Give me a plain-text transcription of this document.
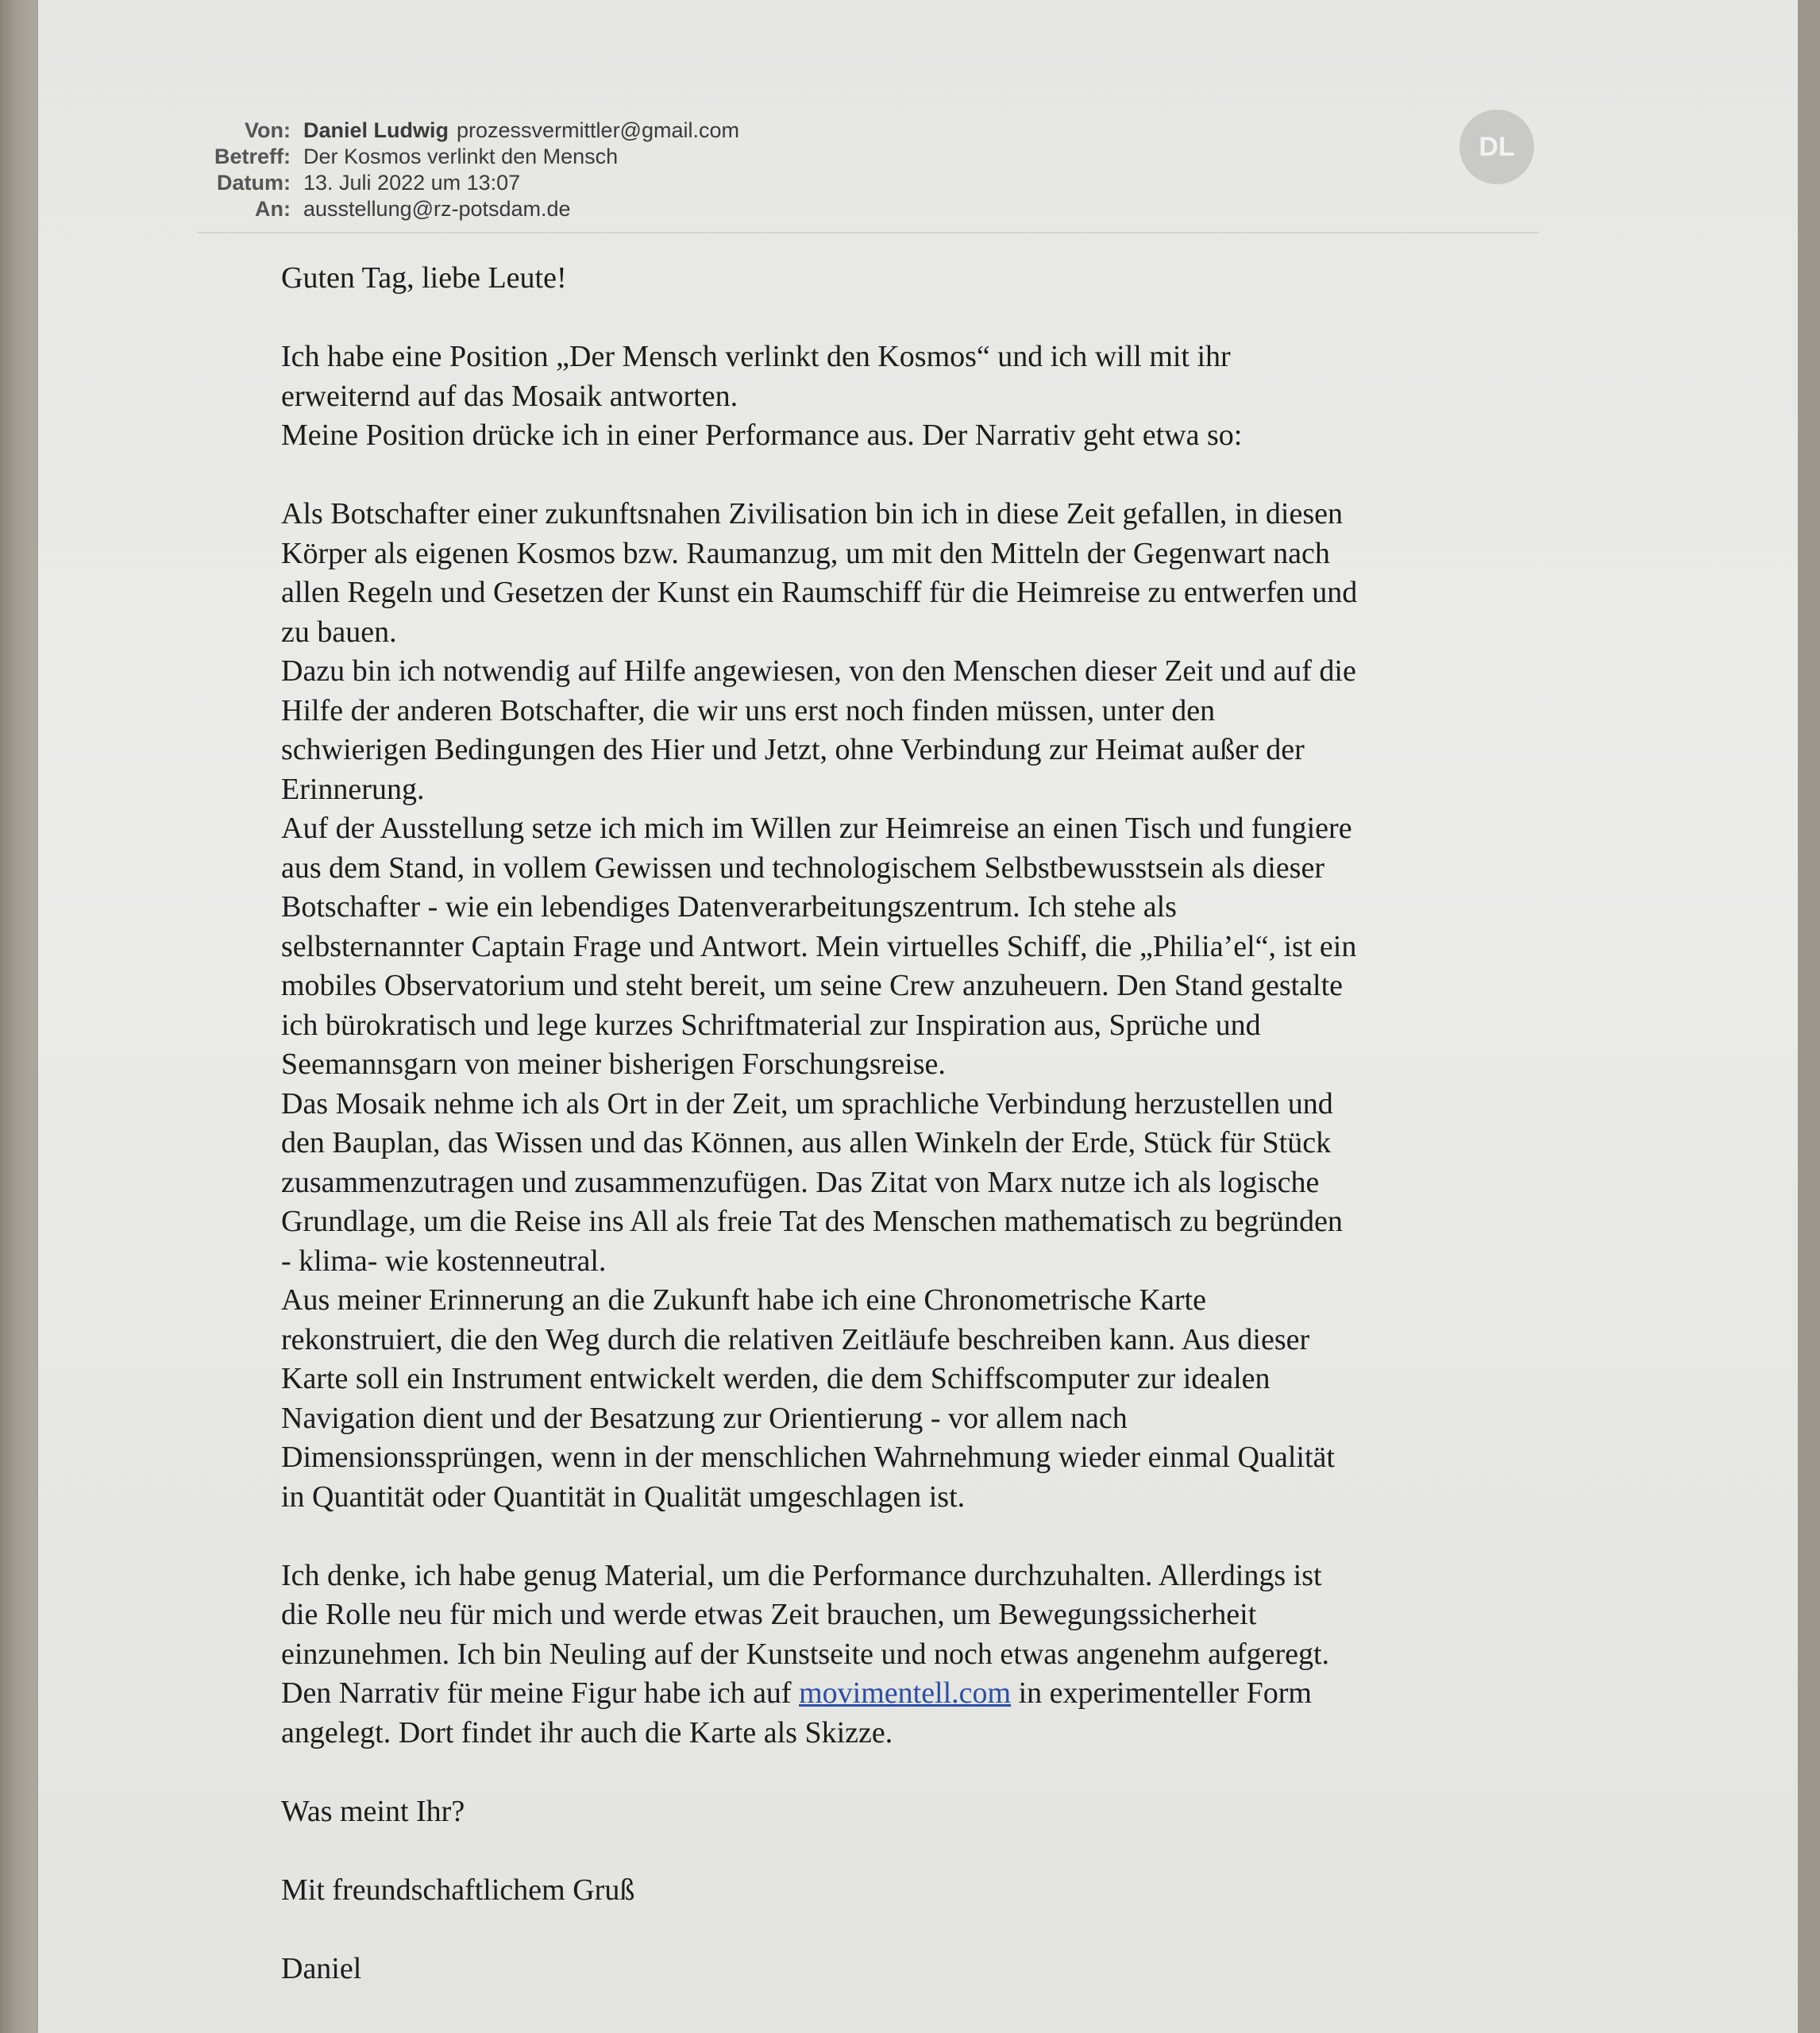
Von: Daniel Ludwig prozessvermittler@gmail.com
Betreff: Der Kosmos verlinkt den Mensch
Datum: 13. Juli 2022 um 13:07
An: ausstellung@rz-potsdam.de
DL
Guten Tag, liebe Leute!
Ich habe eine Position „Der Mensch verlinkt den Kosmos“ und ich will mit ihr
erweiternd auf das Mosaik antworten.
Meine Position drücke ich in einer Performance aus. Der Narrativ geht etwa so:
Als Botschafter einer zukunftsnahen Zivilisation bin ich in diese Zeit gefallen, in diesen
Körper als eigenen Kosmos bzw. Raumanzug, um mit den Mitteln der Gegenwart nach
allen Regeln und Gesetzen der Kunst ein Raumschiff für die Heimreise zu entwerfen und
zu bauen.
Dazu bin ich notwendig auf Hilfe angewiesen, von den Menschen dieser Zeit und auf die
Hilfe der anderen Botschafter, die wir uns erst noch finden müssen, unter den
schwierigen Bedingungen des Hier und Jetzt, ohne Verbindung zur Heimat außer der
Erinnerung.
Auf der Ausstellung setze ich mich im Willen zur Heimreise an einen Tisch und fungiere
aus dem Stand, in vollem Gewissen und technologischem Selbstbewusstsein als dieser
Botschafter - wie ein lebendiges Datenverarbeitungszentrum. Ich stehe als
selbsternannter Captain Frage und Antwort. Mein virtuelles Schiff, die „Philia’el“, ist ein
mobiles Observatorium und steht bereit, um seine Crew anzuheuern. Den Stand gestalte
ich bürokratisch und lege kurzes Schriftmaterial zur Inspiration aus, Sprüche und
Seemannsgarn von meiner bisherigen Forschungsreise.
Das Mosaik nehme ich als Ort in der Zeit, um sprachliche Verbindung herzustellen und
den Bauplan, das Wissen und das Können, aus allen Winkeln der Erde, Stück für Stück
zusammenzutragen und zusammenzufügen. Das Zitat von Marx nutze ich als logische
Grundlage, um die Reise ins All als freie Tat des Menschen mathematisch zu begründen
- klima- wie kostenneutral.
Aus meiner Erinnerung an die Zukunft habe ich eine Chronometrische Karte
rekonstruiert, die den Weg durch die relativen Zeitläufe beschreiben kann. Aus dieser
Karte soll ein Instrument entwickelt werden, die dem Schiffscomputer zur idealen
Navigation dient und der Besatzung zur Orientierung - vor allem nach
Dimensionssprüngen, wenn in der menschlichen Wahrnehmung wieder einmal Qualität
in Quantität oder Quantität in Qualität umgeschlagen ist.
Ich denke, ich habe genug Material, um die Performance durchzuhalten. Allerdings ist
die Rolle neu für mich und werde etwas Zeit brauchen, um Bewegungssicherheit
einzunehmen. Ich bin Neuling auf der Kunstseite und noch etwas angenehm aufgeregt.
Den Narrativ für meine Figur habe ich auf movimentell.com in experimenteller Form
angelegt. Dort findet ihr auch die Karte als Skizze.
Was meint Ihr?
Mit freundschaftlichem Gruß
Daniel
